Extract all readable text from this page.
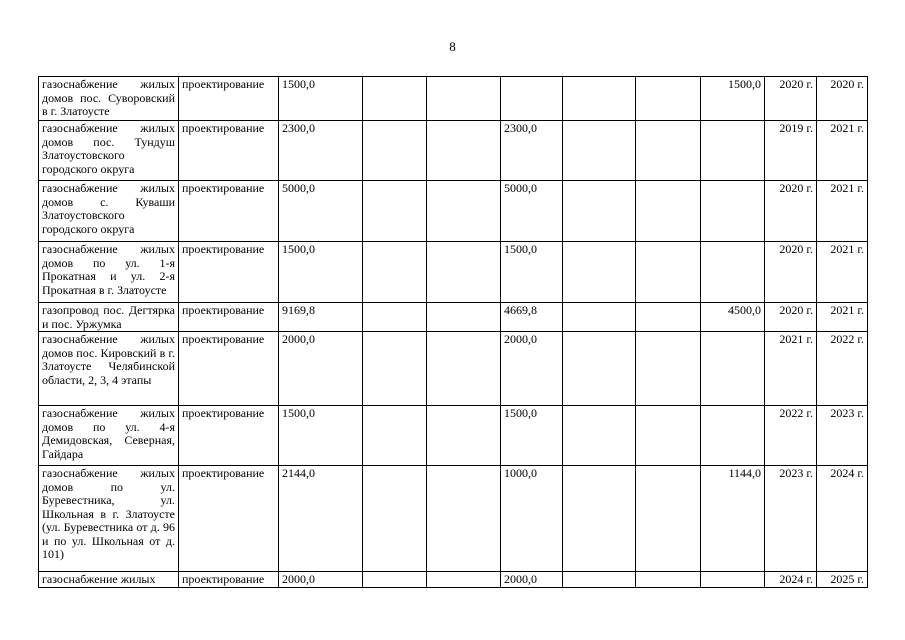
8
газоснабжение жилых домов пос. Суворовский в г. Златоусте	проектирование	1500,0						1500,0	2020 г.	2020 г.
газоснабжение жилых домов пос. Тундуш Златоустовского городского округа	проектирование	2300,0			2300,0				2019 г.	2021 г.
газоснабжение жилых домов с. Куваши Златоустовского городского округа	проектирование	5000,0			5000,0				2020 г.	2021 г.
газоснабжение жилых домов по ул. 1-я Прокатная и ул. 2-я Прокатная в г. Златоусте	проектирование	1500,0			1500,0				2020 г.	2021 г.
газопровод пос. Дегтярка и пос. Уржумка	проектирование	9169,8			4669,8			4500,0	2020 г.	2021 г.
газоснабжение жилых домов пос. Кировский в г. Златоусте Челябинской области, 2, 3, 4 этапы	проектирование	2000,0			2000,0				2021 г.	2022 г.
газоснабжение жилых домов по ул. 4-я Демидовская, Северная, Гайдара	проектирование	1500,0			1500,0				2022 г.	2023 г.
газоснабжение жилых домов по ул. Буревестника, ул. Школьная в г. Златоусте (ул. Буревестника от д. 96 и по ул. Школьная от д. 101)	проектирование	2144,0			1000,0			1144,0	2023 г.	2024 г.
газоснабжение жилых	проектирование	2000,0			2000,0				2024 г.	2025 г.
